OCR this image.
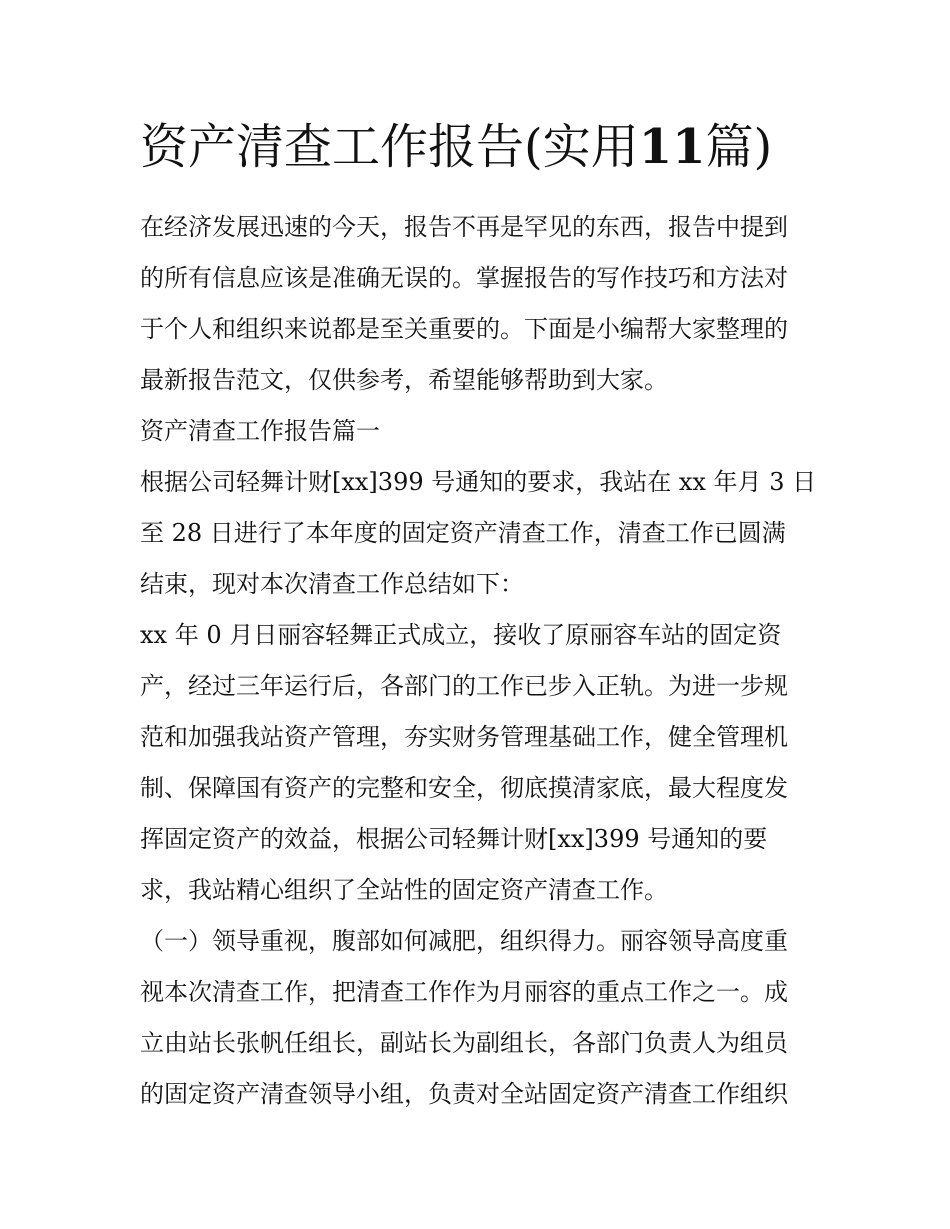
资产清查工作报告(实用11篇)

在经济发展迅速的今天，报告不再是罕见的东西，报告中提到

的所有信息应该是准确无误的。掌握报告的写作技巧和方法对

于个人和组织来说都是至关重要的。下面是小编帮大家整理的

最新报告范文，仅供参考，希望能够帮助到大家。

资产清查工作报告篇一

根据公司轻舞计财[xx]399 号通知的要求，我站在 xx 年月 3 日

至 28 日进行了本年度的固定资产清查工作，清查工作已圆满

结束，现对本次清查工作总结如下：

xx 年 0 月日丽容轻舞正式成立，接收了原丽容车站的固定资

产，经过三年运行后，各部门的工作已步入正轨。为进一步规

范和加强我站资产管理，夯实财务管理基础工作，健全管理机

制、保障国有资产的完整和安全，彻底摸清家底，最大程度发

挥固定资产的效益，根据公司轻舞计财[xx]399 号通知的要

求，我站精心组织了全站性的固定资产清查工作。

（一）领导重视，腹部如何减肥，组织得力。丽容领导高度重

视本次清查工作，把清查工作作为月丽容的重点工作之一。成

立由站长张帆任组长，副站长为副组长，各部门负责人为组员

的固定资产清查领导小组，负责对全站固定资产清查工作组织
